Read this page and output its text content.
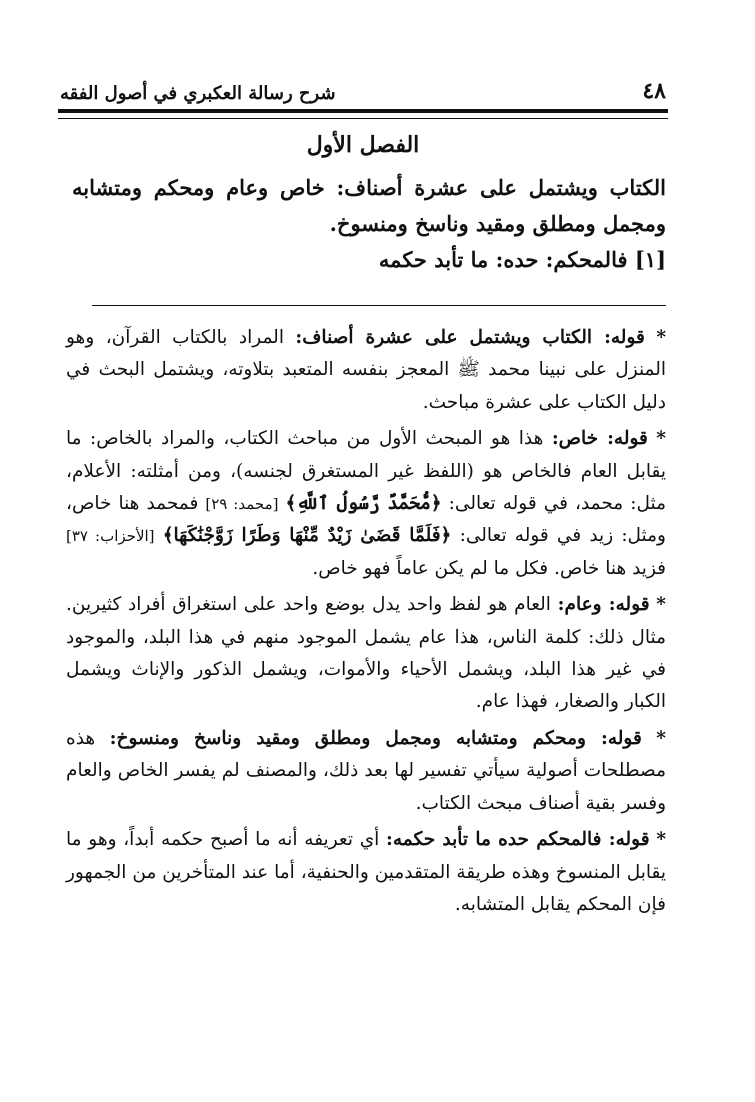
٤٨
شرح رسالة العكبري في أصول الفقه
الفصل الأول

الكتاب ويشتمل على عشرة أصناف: خاص وعام ومحكم ومتشابه ومجمل ومطلق ومقيد وناسخ ومنسوخ.

[١] فالمحكم: حده: ما تأبد حكمه

* قوله: الكتاب ويشتمل على عشرة أصناف: المراد بالكتاب القرآن، وهو المنزل على نبينا محمد ﷺ المعجز بنفسه المتعبد بتلاوته، ويشتمل البحث في دليل الكتاب على عشرة مباحث.

* قوله: خاص: هذا هو المبحث الأول من مباحث الكتاب، والمراد بالخاص: ما يقابل العام فالخاص هو (اللفظ غير المستغرق لجنسه)، ومن أمثلته: الأعلام، مثل: محمد، في قوله تعالى: ﴿مُّحَمَّدٌ رَّسُولُ ٱللَّهِ﴾ [محمد: ٢٩] فمحمد هنا خاص، ومثل: زيد في قوله تعالى: ﴿فَلَمَّا قَضَىٰ زَيْدٌ مِّنْهَا وَطَرًا زَوَّجْنَٰكَهَا﴾ [الأحزاب: ٣٧] فزيد هنا خاص. فكل ما لم يكن عاماً فهو خاص.

* قوله: وعام: العام هو لفظ واحد يدل بوضع واحد على استغراق أفراد كثيرين. مثال ذلك: كلمة الناس، هذا عام يشمل الموجود منهم في هذا البلد، والموجود في غير هذا البلد، ويشمل الأحياء والأموات، ويشمل الذكور والإناث ويشمل الكبار والصغار، فهذا عام.

* قوله: ومحكم ومتشابه ومجمل ومطلق ومقيد وناسخ ومنسوخ: هذه مصطلحات أصولية سيأتي تفسير لها بعد ذلك، والمصنف لم يفسر الخاص والعام وفسر بقية أصناف مبحث الكتاب.

* قوله: فالمحكم حده ما تأبد حكمه: أي تعريفه أنه ما أصبح حكمه أبداً، وهو ما يقابل المنسوخ وهذه طريقة المتقدمين والحنفية، أما عند المتأخرين من الجمهور فإن المحكم يقابل المتشابه.
